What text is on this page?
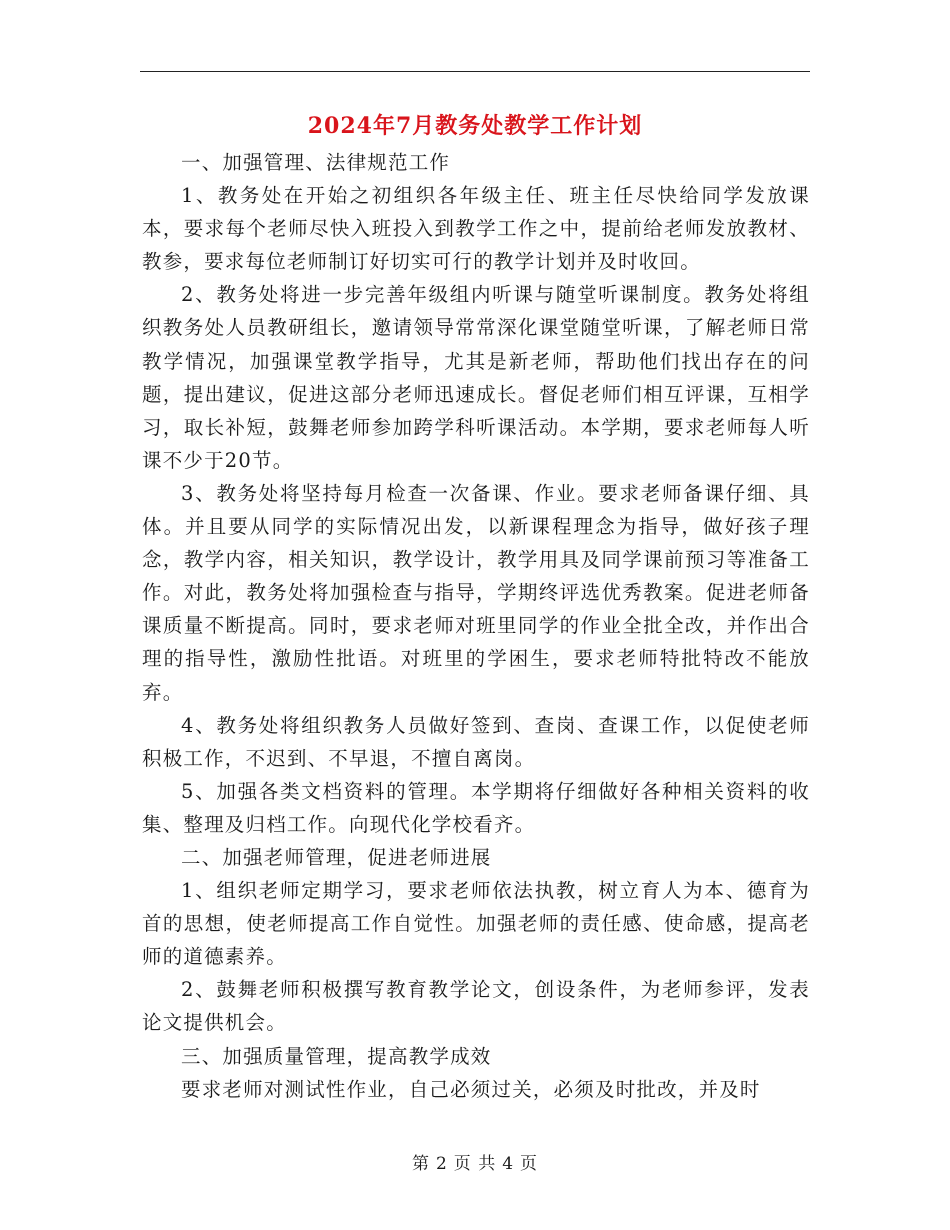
2024年7月教务处教学工作计划

一、加强管理、法律规范工作

1、教务处在开始之初组织各年级主任、班主任尽快给同学发放课本，要求每个老师尽快入班投入到教学工作之中，提前给老师发放教材、教参，要求每位老师制订好切实可行的教学计划并及时收回。

2、教务处将进一步完善年级组内听课与随堂听课制度。教务处将组织教务处人员教研组长，邀请领导常常深化课堂随堂听课，了解老师日常教学情况，加强课堂教学指导，尤其是新老师，帮助他们找出存在的问题，提出建议，促进这部分老师迅速成长。督促老师们相互评课，互相学习，取长补短，鼓舞老师参加跨学科听课活动。本学期，要求老师每人听课不少于20节。

3、教务处将坚持每月检查一次备课、作业。要求老师备课仔细、具体。并且要从同学的实际情况出发，以新课程理念为指导，做好孩子理念，教学内容，相关知识，教学设计，教学用具及同学课前预习等准备工作。对此，教务处将加强检查与指导，学期终评选优秀教案。促进老师备课质量不断提高。同时，要求老师对班里同学的作业全批全改，并作出合理的指导性，激励性批语。对班里的学困生，要求老师特批特改不能放弃。

4、教务处将组织教务人员做好签到、查岗、查课工作，以促使老师积极工作，不迟到、不早退，不擅自离岗。

5、加强各类文档资料的管理。本学期将仔细做好各种相关资料的收集、整理及归档工作。向现代化学校看齐。

二、加强老师管理，促进老师进展

1、组织老师定期学习，要求老师依法执教，树立育人为本、德育为首的思想，使老师提高工作自觉性。加强老师的责任感、使命感，提高老师的道德素养。

2、鼓舞老师积极撰写教育教学论文，创设条件，为老师参评，发表论文提供机会。

三、加强质量管理，提高教学成效

要求老师对测试性作业，自己必须过关，必须及时批改，并及时

第 2 页 共 4 页
